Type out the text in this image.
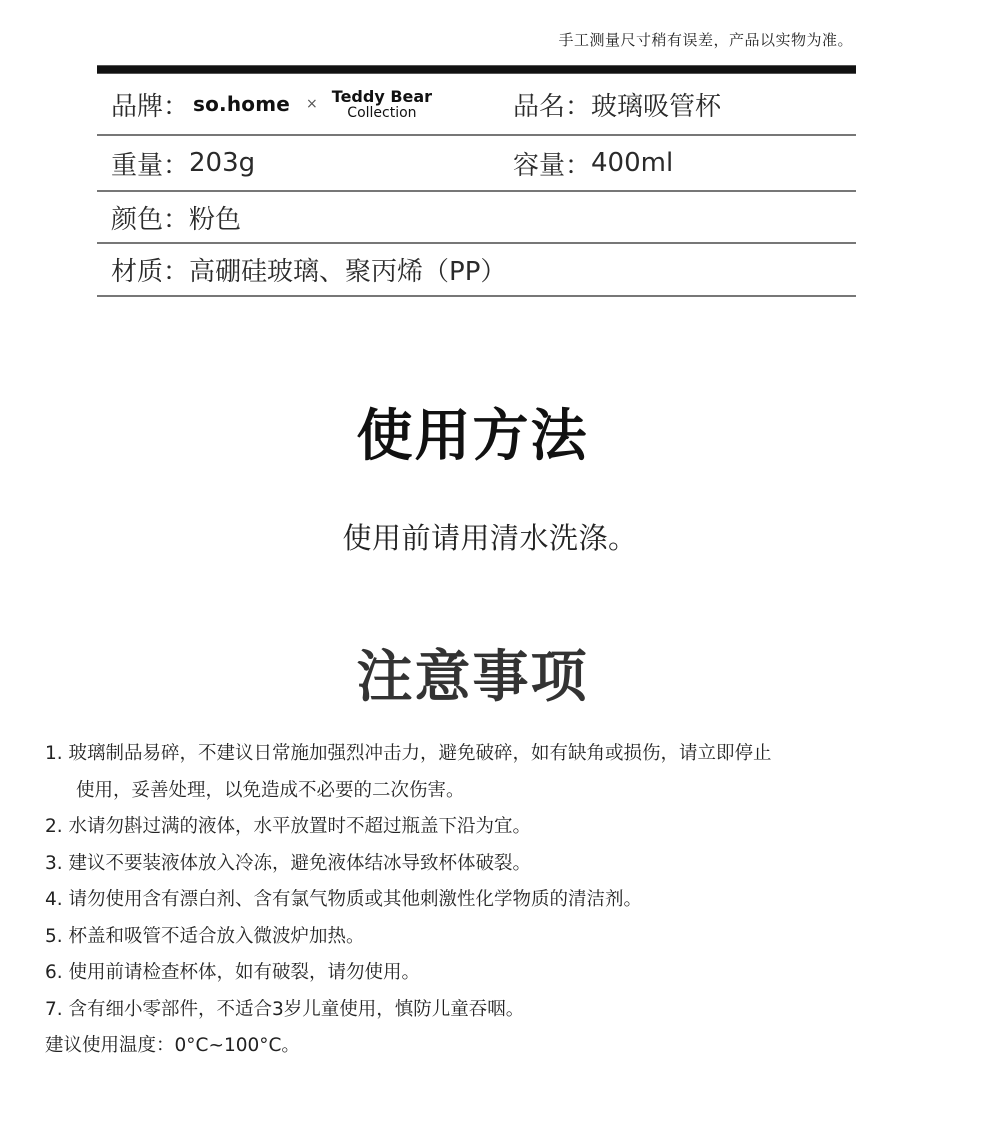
手工测量尺寸稍有误差，产品以实物为准。
品牌： so.home × Teddy Bear
Collection	品名： 玻璃吸管杯
重量： 203g	容量： 400ml
颜色： 粉色
材质： 高硼硅玻璃、聚丙烯（PP）
使用方法

使用前请用清水洗涤。

注意事项
1. 玻璃制品易碎，不建议日常施加强烈冲击力，避免破碎，如有缺角或损伤，请立即停止
使用，妥善处理，以免造成不必要的二次伤害。
2. 水请勿斟过满的液体，水平放置时不超过瓶盖下沿为宜。
3. 建议不要装液体放入冷冻，避免液体结冰导致杯体破裂。
4. 请勿使用含有漂白剂、含有氯气物质或其他刺激性化学物质的清洁剂。
5. 杯盖和吸管不适合放入微波炉加热。
6. 使用前请检查杯体，如有破裂，请勿使用。
7. 含有细小零部件，不适合3岁儿童使用，慎防儿童吞咽。
建议使用温度：0°C~100°C。
